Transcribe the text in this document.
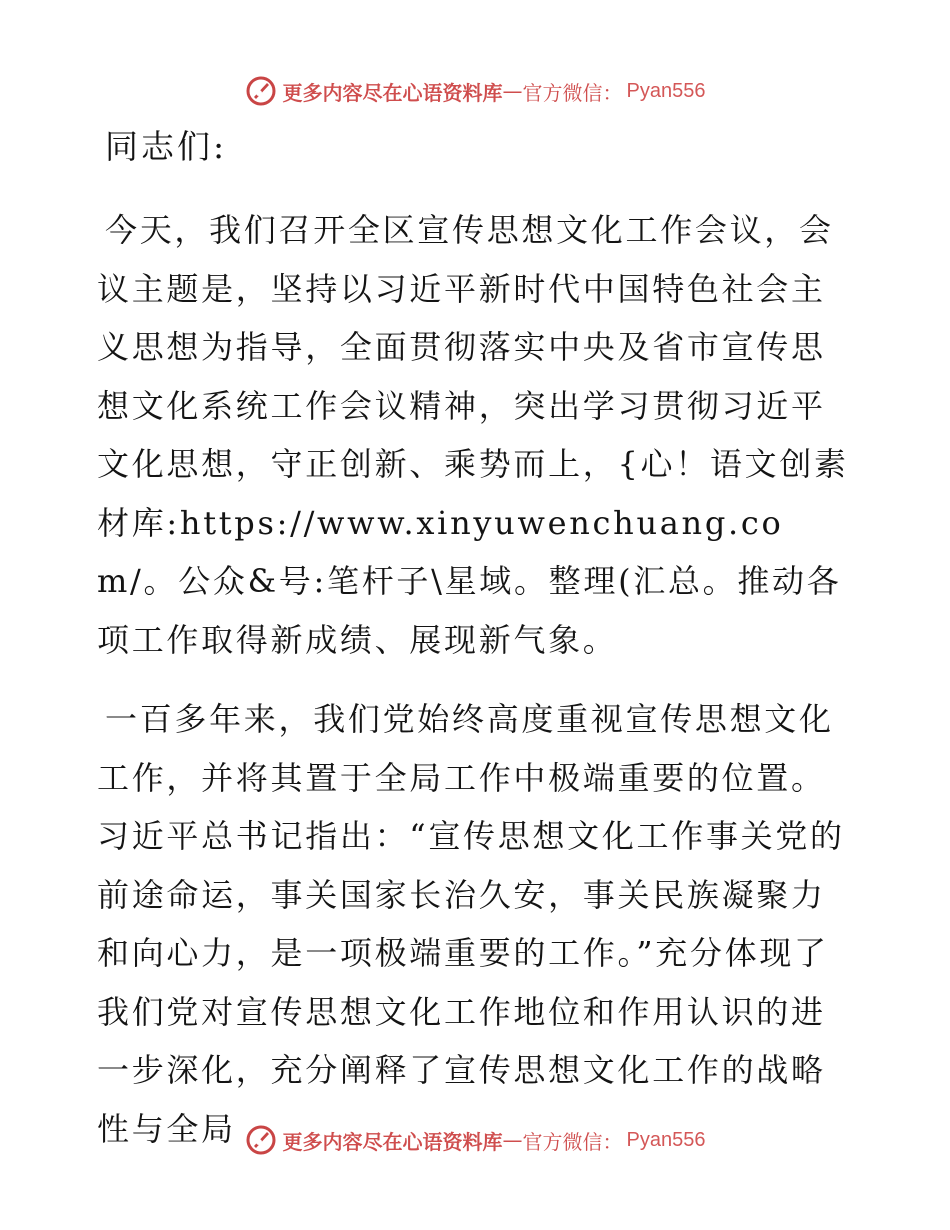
更多内容尽在心语资料库 — 官方微信： Pyan556

同志们:

今天，我们召开全区宣传思想文化工作会议，会议主题是，坚持以习近平新时代中国特色社会主义思想为指导，全面贯彻落实中央及省市宣传思想文化系统工作会议精神，突出学习贯彻习近平文化思想，守正创新、乘势而上，{心！语文创素材库:https://www.xinyuwenchuang.com/。公众&号:笔杆子\星域。整理(汇总。推动各项工作取得新成绩、展现新气象。

一百多年来，我们党始终高度重视宣传思想文化工作，并将其置于全局工作中极端重要的位置。习近平总书记指出：“宣传思想文化工作事关党的前途命运，事关国家长治久安，事关民族凝聚力和向心力，是一项极端重要的工作。”充分体现了我们党对宣传思想文化工作地位和作用认识的进一步深化，充分阐释了宣传思想文化工作的战略性与全局	更多内容尽在心语资料库 — 官方微信： Pyan556
